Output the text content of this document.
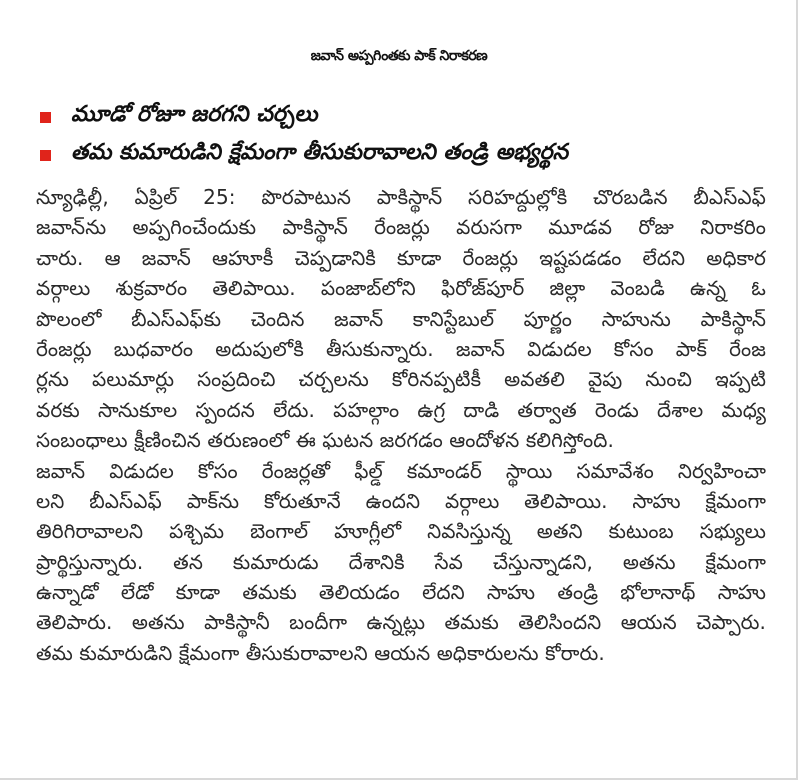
జవాన్‌ అప్పగింతకు పాక్‌ నిరాకరణ
మూడో రోజూ జరగని చర్చలు
తమ కుమారుడిని క్షేమంగా తీసుకురావాలని తండ్రి అభ్యర్థన
న్యూఢిల్లీ, ఏప్రిల్‌ 25: పొరపాటున పాకిస్థాన్‌ సరిహద్దుల్లోకి చొరబడిన బీఎస్‌ఎఫ్‌
జవాన్‌ను అప్పగించేందుకు పాకిస్థాన్‌ రేంజర్లు వరుసగా మూడవ రోజు నిరాకరిం
చారు. ఆ జవాన్‌ ఆహూకీ చెప్పడానికి కూడా రేంజర్లు ఇష్టపడడం లేదని అధికార
వర్గాలు శుక్రవారం తెలిపాయి. పంజాబ్‌లోని ఫిరోజ్‌పూర్‌ జిల్లా వెంబడి ఉన్న ఓ
పొలంలో బీఎస్‌ఎఫ్‌కు చెందిన జవాన్‌ కానిస్టేబుల్‌ పూర్ణం సాహును పాకిస్థాన్‌
రేంజర్లు బుధవారం అదుపులోకి తీసుకున్నారు. జవాన్‌ విడుదల కోసం పాక్‌ రేంజ
ర్లను పలుమార్లు సంప్రదించి చర్చలను కోరినప్పటికీ అవతలి వైపు నుంచి ఇప్పటి
వరకు సానుకూల స్పందన లేదు. పహల్గాం ఉగ్ర దాడి తర్వాత రెండు దేశాల మధ్య
సంబంధాలు క్షీణించిన తరుణంలో ఈ ఘటన జరగడం ఆందోళన కలిగిస్తోంది.
జవాన్‌ విడుదల కోసం రేంజర్లతో ఫీల్డ్‌ కమాండర్‌ స్థాయి సమావేశం నిర్వహించా
లని బీఎస్‌ఎఫ్‌ పాక్‌ను కోరుతూనే ఉందని వర్గాలు తెలిపాయి. సాహు క్షేమంగా
తిరిగిరావాలని పశ్చిమ బెంగాల్‌ హూగ్లీలో నివసిస్తున్న అతని కుటుంబ సభ్యులు
ప్రార్థిస్తున్నారు. తన కుమారుడు దేశానికి సేవ చేస్తున్నాడని, అతను క్షేమంగా
ఉన్నాడో లేడో కూడా తమకు తెలియడం లేదని సాహు తండ్రి భోలానాథ్‌ సాహు
తెలిపారు. అతను పాకిస్థానీ బందీగా ఉన్నట్లు తమకు తెలిసిందని ఆయన చెప్పారు.
తమ కుమారుడిని క్షేమంగా తీసుకురావాలని ఆయన అధికారులను కోరారు.
